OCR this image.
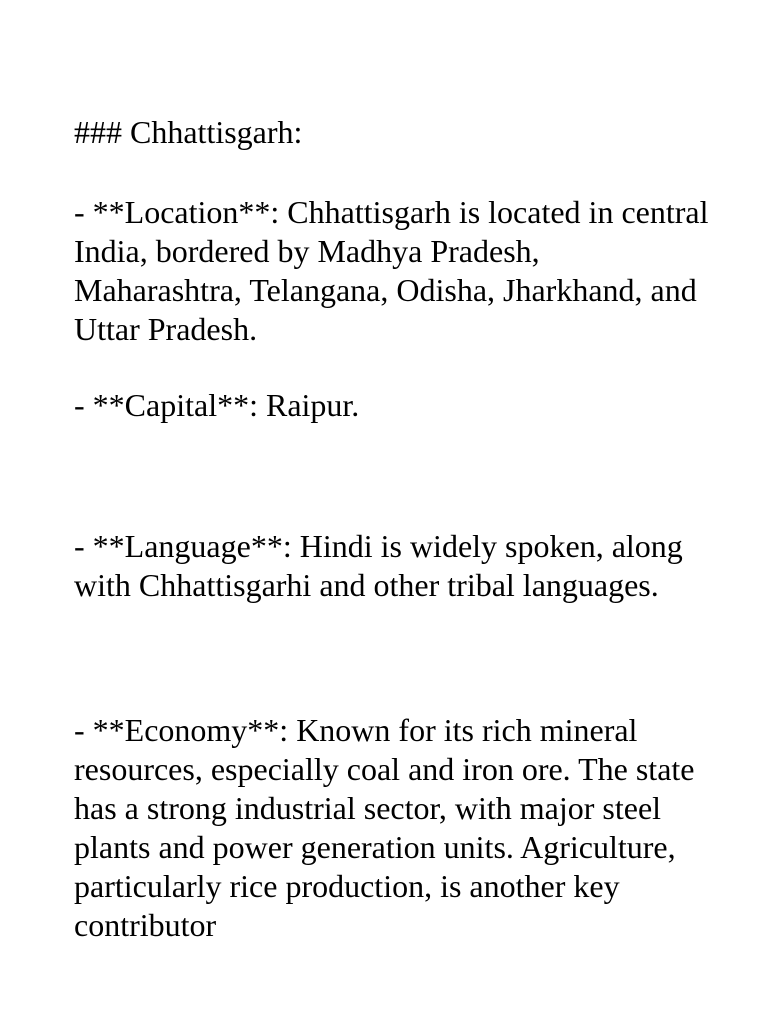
### Chhattisgarh:

- **Location**: Chhattisgarh is located in central India, bordered by Madhya Pradesh, Maharashtra, Telangana, Odisha, Jharkhand, and Uttar Pradesh.

- **Capital**: Raipur.

- **Language**: Hindi is widely spoken, along with Chhattisgarhi and other tribal languages.

- **Economy**: Known for its rich mineral resources, especially coal and iron ore. The state has a strong industrial sector, with major steel plants and power generation units. Agriculture, particularly rice production, is another key contributor
